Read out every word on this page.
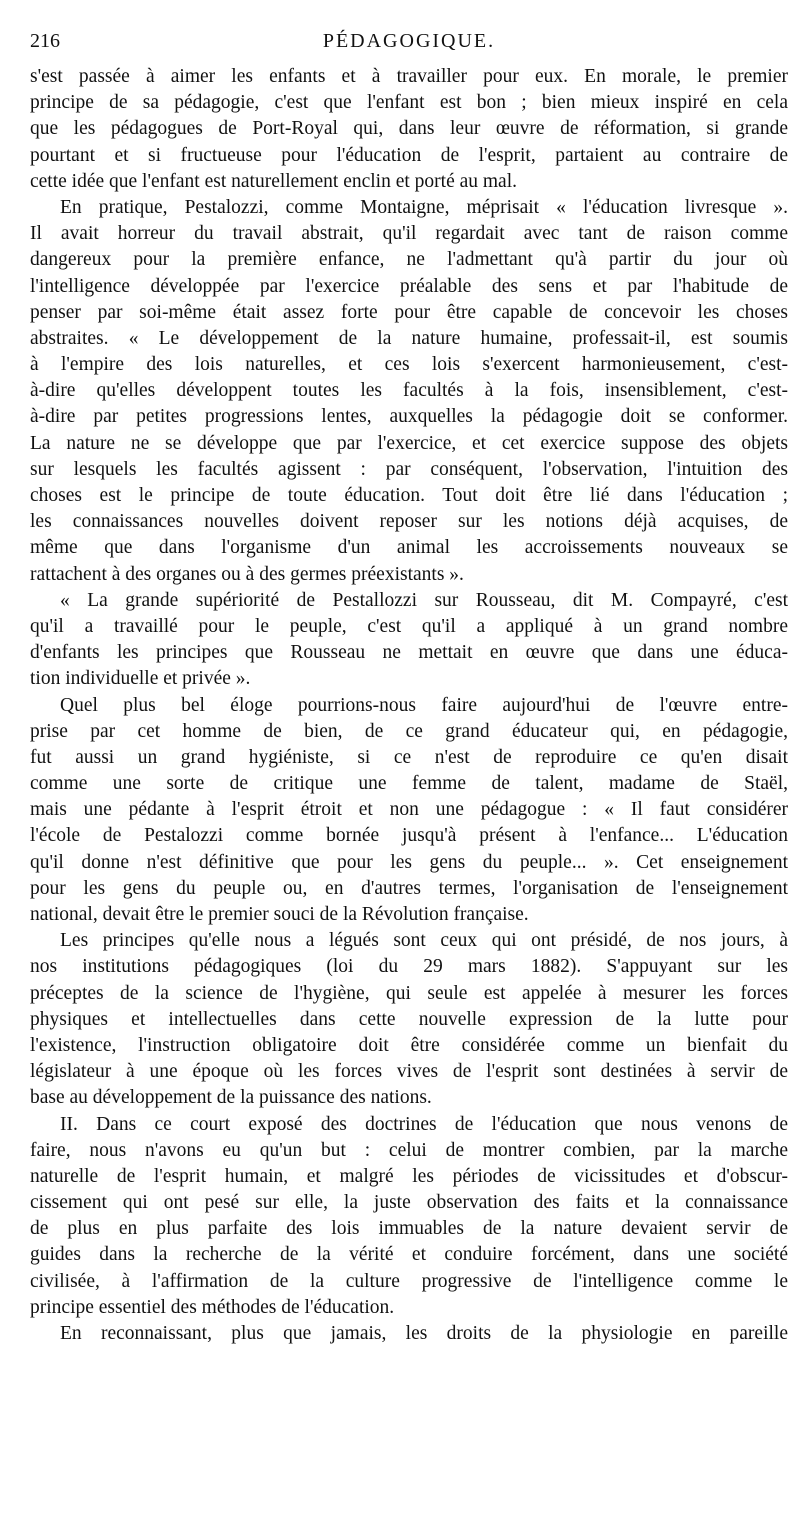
216	PÉDAGOGIQUE.
s'est passée à aimer les enfants et à travailler pour eux. En morale, le premier
principe de sa pédagogie, c'est que l'enfant est bon ; bien mieux inspiré en cela
que les pédagogues de Port-Royal qui, dans leur œuvre de réformation, si grande
pourtant et si fructueuse pour l'éducation de l'esprit, partaient au contraire de
cette idée que l'enfant est naturellement enclin et porté au mal.
En pratique, Pestalozzi, comme Montaigne, méprisait « l'éducation livresque ».
Il avait horreur du travail abstrait, qu'il regardait avec tant de raison comme
dangereux pour la première enfance, ne l'admettant qu'à partir du jour où
l'intelligence développée par l'exercice préalable des sens et par l'habitude de
penser par soi-même était assez forte pour être capable de concevoir les choses
abstraites. « Le développement de la nature humaine, professait-il, est soumis
à l'empire des lois naturelles, et ces lois s'exercent harmonieusement, c'est-
à-dire qu'elles développent toutes les facultés à la fois, insensiblement, c'est-
à-dire par petites progressions lentes, auxquelles la pédagogie doit se conformer.
La nature ne se développe que par l'exercice, et cet exercice suppose des objets
sur lesquels les facultés agissent : par conséquent, l'observation, l'intuition des
choses est le principe de toute éducation. Tout doit être lié dans l'éducation ;
les connaissances nouvelles doivent reposer sur les notions déjà acquises, de
même que dans l'organisme d'un animal les accroissements nouveaux se
rattachent à des organes ou à des germes préexistants ».
« La grande supériorité de Pestallozzi sur Rousseau, dit M. Compayré, c'est
qu'il a travaillé pour le peuple, c'est qu'il a appliqué à un grand nombre
d'enfants les principes que Rousseau ne mettait en œuvre que dans une éduca-
tion individuelle et privée ».
Quel plus bel éloge pourrions-nous faire aujourd'hui de l'œuvre entre-
prise par cet homme de bien, de ce grand éducateur qui, en pédagogie,
fut aussi un grand hygiéniste, si ce n'est de reproduire ce qu'en disait
comme une sorte de critique une femme de talent, madame de Staël,
mais une pédante à l'esprit étroit et non une pédagogue : « Il faut considérer
l'école de Pestalozzi comme bornée jusqu'à présent à l'enfance... L'éducation
qu'il donne n'est définitive que pour les gens du peuple... ». Cet enseignement
pour les gens du peuple ou, en d'autres termes, l'organisation de l'enseignement
national, devait être le premier souci de la Révolution française.
Les principes qu'elle nous a légués sont ceux qui ont présidé, de nos jours, à
nos institutions pédagogiques (loi du 29 mars 1882). S'appuyant sur les
préceptes de la science de l'hygiène, qui seule est appelée à mesurer les forces
physiques et intellectuelles dans cette nouvelle expression de la lutte pour
l'existence, l'instruction obligatoire doit être considérée comme un bienfait du
législateur à une époque où les forces vives de l'esprit sont destinées à servir de
base au développement de la puissance des nations.
II. Dans ce court exposé des doctrines de l'éducation que nous venons de
faire, nous n'avons eu qu'un but : celui de montrer combien, par la marche
naturelle de l'esprit humain, et malgré les périodes de vicissitudes et d'obscur-
cissement qui ont pesé sur elle, la juste observation des faits et la connaissance
de plus en plus parfaite des lois immuables de la nature devaient servir de
guides dans la recherche de la vérité et conduire forcément, dans une société
civilisée, à l'affirmation de la culture progressive de l'intelligence comme le
principe essentiel des méthodes de l'éducation.
En reconnaissant, plus que jamais, les droits de la physiologie en pareille
